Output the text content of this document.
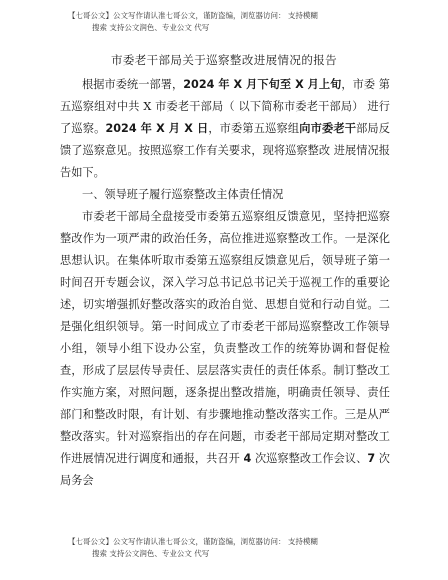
【七哥公文】公文写作请认准七哥公文，谨防盗编，浏览器访问： 支持模糊
搜索 支持公文润色、专业公文 代写
市委老干部局关于巡察整改进展情况的报告

根据市委统一部署，2024 年 X 月下旬至 X 月上旬，市委 第五巡察组对中共 X 市委老干部局（ 以下简称市委老干部局） 进行了巡察。2024 年 X 月 X 日，市委第五巡察组向市委老干部局反馈了巡察意见。按照巡察工作有关要求，现将巡察整改 进展情况报告如下。

一、领导班子履行巡察整改主体责任情况

市委老干部局全盘接受市委第五巡察组反馈意见，坚持把巡察整改作为一项严肃的政治任务，高位推进巡察整改工作。一是深化思想认识。在集体听取市委第五巡察组反馈意见后，领导班子第一时间召开专题会议，深入学习总书记总书记关于巡视工作的重要论述，切实增强抓好整改落实的政治自觉、思想自觉和行动自觉。二是强化组织领导。第一时间成立了市委老干部局巡察整改工作领导小组，领导小组下设办公室，负责整改工作的统筹协调和督促检查，形成了层层传导责任、层层落实责任的责任体系。制订整改工作实施方案，对照问题，逐条提出整改措施，明确责任领导、责任部门和整改时限，有计划、有步骤地推动整改落实工作。三是从严整改落实。针对巡察指出的存在问题，市委老干部局定期对整改工作进展情况进行调度和通报，共召开 4 次巡察整改工作会议、7 次局务会

【七哥公文】公文写作请认准七哥公文，谨防盗编，浏览器访问： 支持模糊
搜索 支持公文润色、专业公文 代写
